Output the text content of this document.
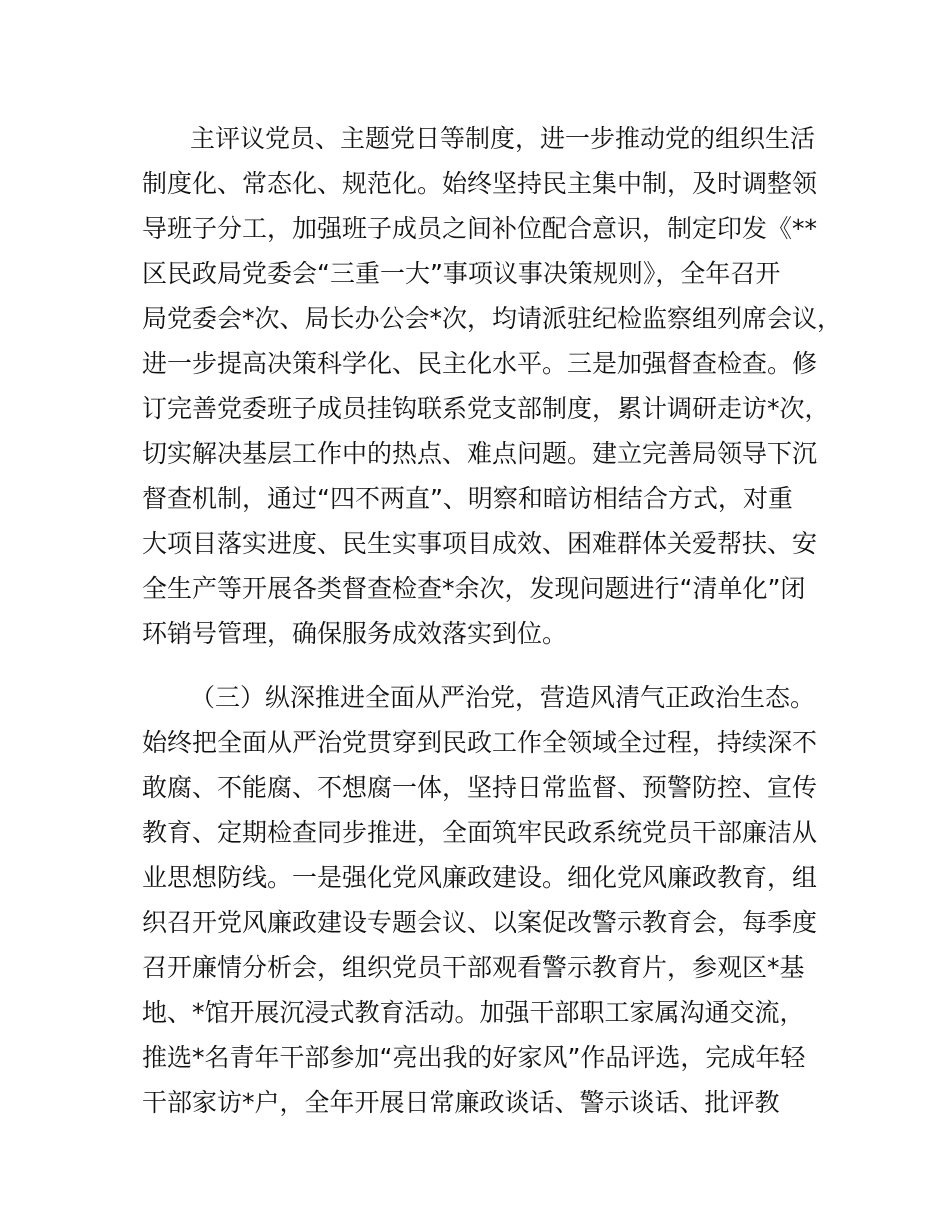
主评议党员、主题党日等制度，进一步推动党的组织生活
制度化、常态化、规范化。始终坚持民主集中制，及时调整领
导班子分工，加强班子成员之间补位配合意识，制定印发《**
区民政局党委会“三重一大”事项议事决策规则》，全年召开
局党委会*次、局长办公会*次，均请派驻纪检监察组列席会议，
进一步提高决策科学化、民主化水平。三是加强督查检查。修
订完善党委班子成员挂钩联系党支部制度，累计调研走访*次，
切实解决基层工作中的热点、难点问题。建立完善局领导下沉
督查机制，通过“四不两直”、明察和暗访相结合方式，对重
大项目落实进度、民生实事项目成效、困难群体关爱帮扶、安
全生产等开展各类督查检查*余次，发现问题进行“清单化”闭
环销号管理，确保服务成效落实到位。
（三）纵深推进全面从严治党，营造风清气正政治生态。
始终把全面从严治党贯穿到民政工作全领域全过程，持续深不
敢腐、不能腐、不想腐一体，坚持日常监督、预警防控、宣传
教育、定期检查同步推进，全面筑牢民政系统党员干部廉洁从
业思想防线。一是强化党风廉政建设。细化党风廉政教育，组
织召开党风廉政建设专题会议、以案促改警示教育会，每季度
召开廉情分析会，组织党员干部观看警示教育片，参观区*基
地、*馆开展沉浸式教育活动。加强干部职工家属沟通交流，
推选*名青年干部参加“亮出我的好家风”作品评选，完成年轻
干部家访*户，全年开展日常廉政谈话、警示谈话、批评教
